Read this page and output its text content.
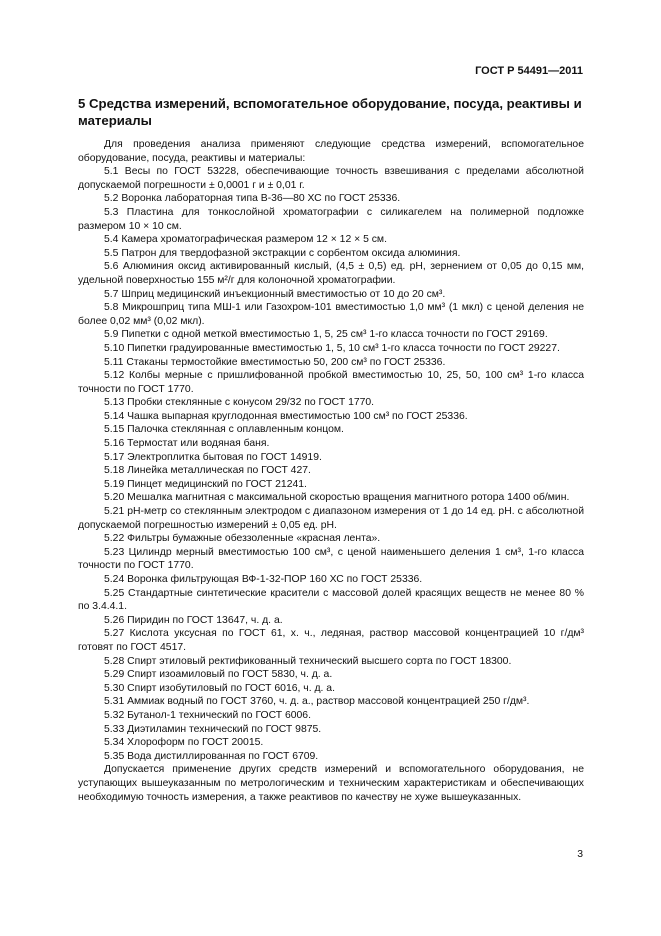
ГОСТ Р 54491—2011
5 Средства измерений, вспомогательное оборудование, посуда, реактивы и материалы

Для проведения анализа применяют следующие средства измерений, вспомогательное оборудование, посуда, реактивы и материалы:

5.1 Весы по ГОСТ 53228, обеспечивающие точность взвешивания с пределами абсолютной допускаемой погрешности ± 0,0001 г и ± 0,01 г.

5.2 Воронка лабораторная типа В-36—80 ХС по ГОСТ 25336.

5.3 Пластина для тонкослойной хроматографии с силикагелем на полимерной подложке размером 10 × 10 см.

5.4 Камера хроматографическая размером 12 × 12 × 5 см.

5.5 Патрон для твердофазной экстракции с сорбентом оксида алюминия.

5.6 Алюминия оксид активированный кислый, (4,5 ± 0,5) ед. pH, зернением от 0,05 до 0,15 мм, удельной поверхностью 155 м²/г для колоночной хроматографии.

5.7 Шприц медицинский инъекционный вместимостью от 10 до 20 см³.

5.8 Микрошприц типа МШ-1 или Газохром-101 вместимостью 1,0 мм³ (1 мкл) с ценой деления не более 0,02 мм³ (0,02 мкл).

5.9 Пипетки с одной меткой вместимостью 1, 5, 25 см³ 1-го класса точности по ГОСТ 29169.

5.10 Пипетки градуированные вместимостью 1, 5, 10 см³ 1-го класса точности по ГОСТ 29227.

5.11 Стаканы термостойкие вместимостью 50, 200 см³ по ГОСТ 25336.

5.12 Колбы мерные с пришлифованной пробкой вместимостью 10, 25, 50, 100 см³ 1-го класса точности по ГОСТ 1770.

5.13 Пробки стеклянные с конусом 29/32 по ГОСТ 1770.

5.14 Чашка выпарная круглодонная вместимостью 100 см³ по ГОСТ 25336.

5.15 Палочка стеклянная с оплавленным концом.

5.16 Термостат или водяная баня.

5.17 Электроплитка бытовая по ГОСТ 14919.

5.18 Линейка металлическая по ГОСТ 427.

5.19 Пинцет медицинский по ГОСТ 21241.

5.20 Мешалка магнитная с максимальной скоростью вращения магнитного ротора 1400 об/мин.

5.21 pH-метр со стеклянным электродом с диапазоном измерения от 1 до 14 ед. pH. с абсолютной допускаемой погрешностью измерений ± 0,05 ед. pH.

5.22 Фильтры бумажные обеззоленные «красная лента».

5.23 Цилиндр мерный вместимостью 100 см³, с ценой наименьшего деления 1 см³, 1-го класса точности по ГОСТ 1770.

5.24 Воронка фильтрующая ВФ-1-32-ПОР 160 ХС по ГОСТ 25336.

5.25 Стандартные синтетические красители с массовой долей красящих веществ не менее 80 % по 3.4.4.1.

5.26 Пиридин по ГОСТ 13647, ч. д. а.

5.27 Кислота уксусная по ГОСТ 61, х. ч., ледяная, раствор массовой концентрацией 10 г/дм³ готовят по ГОСТ 4517.

5.28 Спирт этиловый ректификованный технический высшего сорта по ГОСТ 18300.

5.29 Спирт изоамиловый по ГОСТ 5830, ч. д. а.

5.30 Спирт изобутиловый по ГОСТ 6016, ч. д. а.

5.31 Аммиак водный по ГОСТ 3760, ч. д. а., раствор массовой концентрацией 250 г/дм³.

5.32 Бутанол-1 технический по ГОСТ 6006.

5.33 Диэтиламин технический по ГОСТ 9875.

5.34 Хлороформ по ГОСТ 20015.

5.35 Вода дистиллированная по ГОСТ 6709.

Допускается применение других средств измерений и вспомогательного оборудования, не уступающих вышеуказанным по метрологическим и техническим характеристикам и обеспечивающих необходимую точность измерения, а также реактивов по качеству не хуже вышеуказанных.

3
